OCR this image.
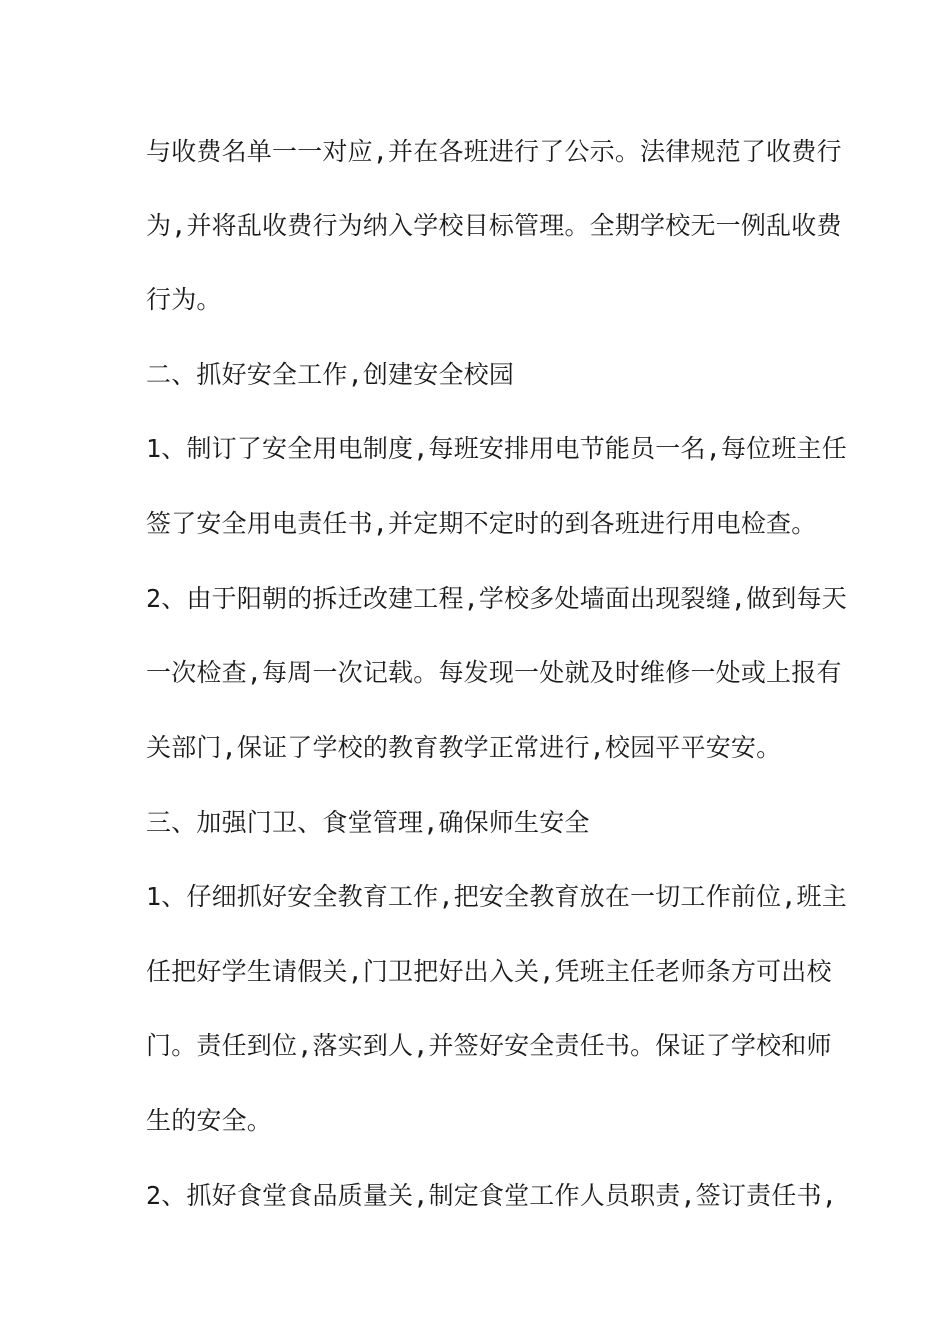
与收费名单一一对应,并在各班进行了公示。法律规范了收费行
为,并将乱收费行为纳入学校目标管理。全期学校无一例乱收费
行为。
二、抓好安全工作,创建安全校园
1、制订了安全用电制度,每班安排用电节能员一名,每位班主任
签了安全用电责任书,并定期不定时的到各班进行用电检查。
2、由于阳朝的拆迁改建工程,学校多处墙面出现裂缝,做到每天
一次检查,每周一次记载。每发现一处就及时维修一处或上报有
关部门,保证了学校的教育教学正常进行,校园平平安安。
三、加强门卫、食堂管理,确保师生安全
1、仔细抓好安全教育工作,把安全教育放在一切工作前位,班主
任把好学生请假关,门卫把好出入关,凭班主任老师条方可出校
门。责任到位,落实到人,并签好安全责任书。保证了学校和师
生的安全。
2、抓好食堂食品质量关,制定食堂工作人员职责,签订责任书,
